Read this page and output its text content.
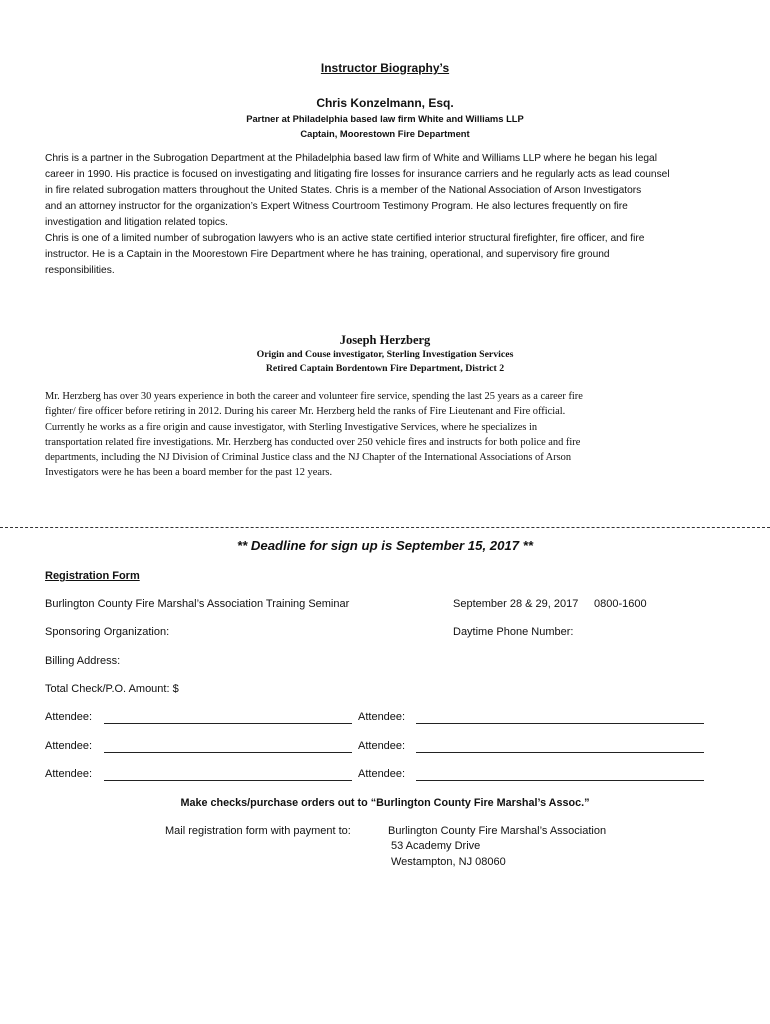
Instructor Biography’s
Chris Konzelmann, Esq.
Partner at Philadelphia based law firm White and Williams LLP
Captain, Moorestown Fire Department
Chris is a partner in the Subrogation Department at the Philadelphia based law firm of White and Williams LLP where he began his legal
career in 1990. His practice is focused on investigating and litigating fire losses for insurance carriers and he regularly acts as lead counsel
in fire related subrogation matters throughout the United States. Chris is a member of the National Association of Arson Investigators
and an attorney instructor for the organization’s Expert Witness Courtroom Testimony Program. He also lectures frequently on fire
investigation and litigation related topics.
Chris is one of a limited number of subrogation lawyers who is an active state certified interior structural firefighter, fire officer, and fire
instructor. He is a Captain in the Moorestown Fire Department where he has training, operational, and supervisory fire ground
responsibilities.
Joseph Herzberg
Origin and Couse investigator, Sterling Investigation Services
Retired Captain Bordentown Fire Department, District 2
Mr. Herzberg has over 30 years experience in both the career and volunteer fire service, spending the last 25 years as a career fire
fighter/ fire officer before retiring in 2012. During his career Mr. Herzberg held the ranks of Fire Lieutenant and Fire official.
Currently he works as a fire origin and cause investigator, with Sterling Investigative Services, where he specializes in
transportation related fire investigations. Mr. Herzberg has conducted over 250 vehicle fires and instructs for both police and fire
departments, including the NJ Division of Criminal Justice class and the NJ Chapter of the International Associations of Arson
Investigators were he has been a board member for the past 12 years.
** Deadline for sign up is September 15, 2017 **
Registration Form
Burlington County Fire Marshal’s Association Training Seminar	September 28 & 29, 2017 0800-1600
Sponsoring Organization:	Daytime Phone Number:
Billing Address:
Total Check/P.O. Amount: $
Attendee:	Attendee:
Attendee:	Attendee:
Attendee:	Attendee:
Make checks/purchase orders out to “Burlington County Fire Marshal’s Assoc.”
Mail registration form with payment to:	Burlington County Fire Marshal’s Association
53 Academy Drive
Westampton, NJ 08060
